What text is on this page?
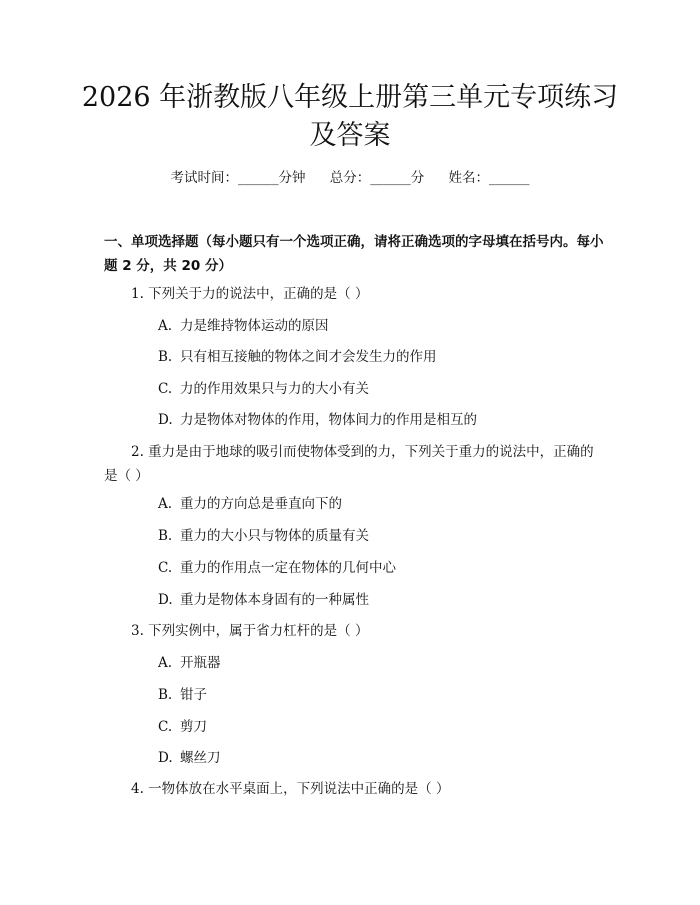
2026 年浙教版八年级上册第三单元专项练习
及答案
考试时间：______分钟 总分：______分 姓名：______
一、单项选择题（每小题只有一个选项正确，请将正确选项的字母填在括号内。每小题 2 分，共 20 分）
1. 下列关于力的说法中，正确的是（ ）
A. 力是维持物体运动的原因
B. 只有相互接触的物体之间才会发生力的作用
C. 力的作用效果只与力的大小有关
D. 力是物体对物体的作用，物体间力的作用是相互的
2. 重力是由于地球的吸引而使物体受到的力，下列关于重力的说法中，正确的是（ ）
A. 重力的方向总是垂直向下的
B. 重力的大小只与物体的质量有关
C. 重力的作用点一定在物体的几何中心
D. 重力是物体本身固有的一种属性
3. 下列实例中，属于省力杠杆的是（ ）
A. 开瓶器
B. 钳子
C. 剪刀
D. 螺丝刀
4. 一物体放在水平桌面上，下列说法中正确的是（ ）
